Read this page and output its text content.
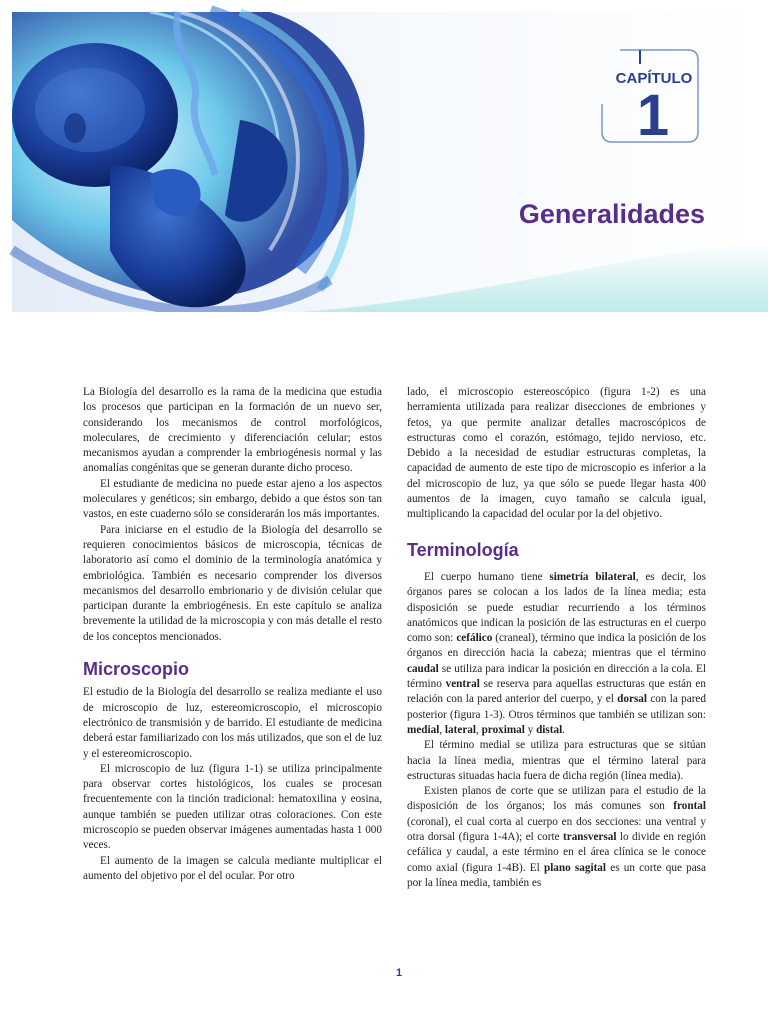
CAPÍTULO
1
Generalidades

La Biología del desarrollo es la rama de la medicina que estudia los procesos que participan en la formación de un nuevo ser, considerando los mecanismos de control morfológicos, moleculares, de crecimiento y diferenciación celular; estos mecanismos ayudan a comprender la embriogénesis normal y las anomalías congénitas que se generan durante dicho proceso.

El estudiante de medicina no puede estar ajeno a los aspectos moleculares y genéticos; sin embargo, debido a que éstos son tan vastos, en este cuaderno sólo se considerarán los más importantes.

Para iniciarse en el estudio de la Biología del desarrollo se requieren conocimientos básicos de microscopia, técnicas de laboratorio así como el dominio de la terminología anatómica y embriológica. También es necesario comprender los diversos mecanismos del desarrollo embrionario y de división celular que participan durante la embriogénesis. En este capítulo se analiza brevemente la utilidad de la microscopia y con más detalle el resto de los conceptos mencionados.

Microscopio

El estudio de la Biología del desarrollo se realiza mediante el uso de microscopio de luz, estereomicroscopio, el microscopio electrónico de transmisión y de barrido. El estudiante de medicina deberá estar familiarizado con los más utilizados, que son el de luz y el estereomicroscopio.

El microscopio de luz (figura 1-1) se utiliza principalmente para observar cortes histológicos, los cuales se procesan frecuentemente con la tinción tradicional: hematoxilina y eosina, aunque también se pueden utilizar otras coloraciones. Con este microscopio se pueden observar imágenes aumentadas hasta 1 000 veces.

El aumento de la imagen se calcula mediante multiplicar el aumento del objetivo por el del ocular. Por otro

lado, el microscopio estereoscópico (figura 1-2) es una herramienta utilizada para realizar disecciones de embriones y fetos, ya que permite analizar detalles macroscópicos de estructuras como el corazón, estómago, tejido nervioso, etc. Debido a la necesidad de estudiar estructuras completas, la capacidad de aumento de este tipo de microscopio es inferior a la del microscopio de luz, ya que sólo se puede llegar hasta 400 aumentos de la imagen, cuyo tamaño se calcula igual, multiplicando la capacidad del ocular por la del objetivo.

Terminología

El cuerpo humano tiene simetría bilateral, es decir, los órganos pares se colocan a los lados de la línea media; esta disposición se puede estudiar recurriendo a los términos anatómicos que indican la posición de las estructuras en el cuerpo como son: cefálico (craneal), término que indica la posición de los órganos en dirección hacia la cabeza; mientras que el término caudal se utiliza para indicar la posición en dirección a la cola. El término ventral se reserva para aquellas estructuras que están en relación con la pared anterior del cuerpo, y el dorsal con la pared posterior (figura 1-3). Otros términos que también se utilizan son: medial, lateral, proximal y distal.

El término medial se utiliza para estructuras que se sitúan hacia la línea media, mientras que el término lateral para estructuras situadas hacia fuera de dicha región (línea media).

Existen planos de corte que se utilizan para el estudio de la disposición de los órganos; los más comunes son frontal (coronal), el cual corta al cuerpo en dos secciones: una ventral y otra dorsal (figura 1-4A); el corte transversal lo divide en región cefálica y caudal, a este término en el área clínica se le conoce como axial (figura 1-4B). El plano sagital es un corte que pasa por la línea media, también es

1
